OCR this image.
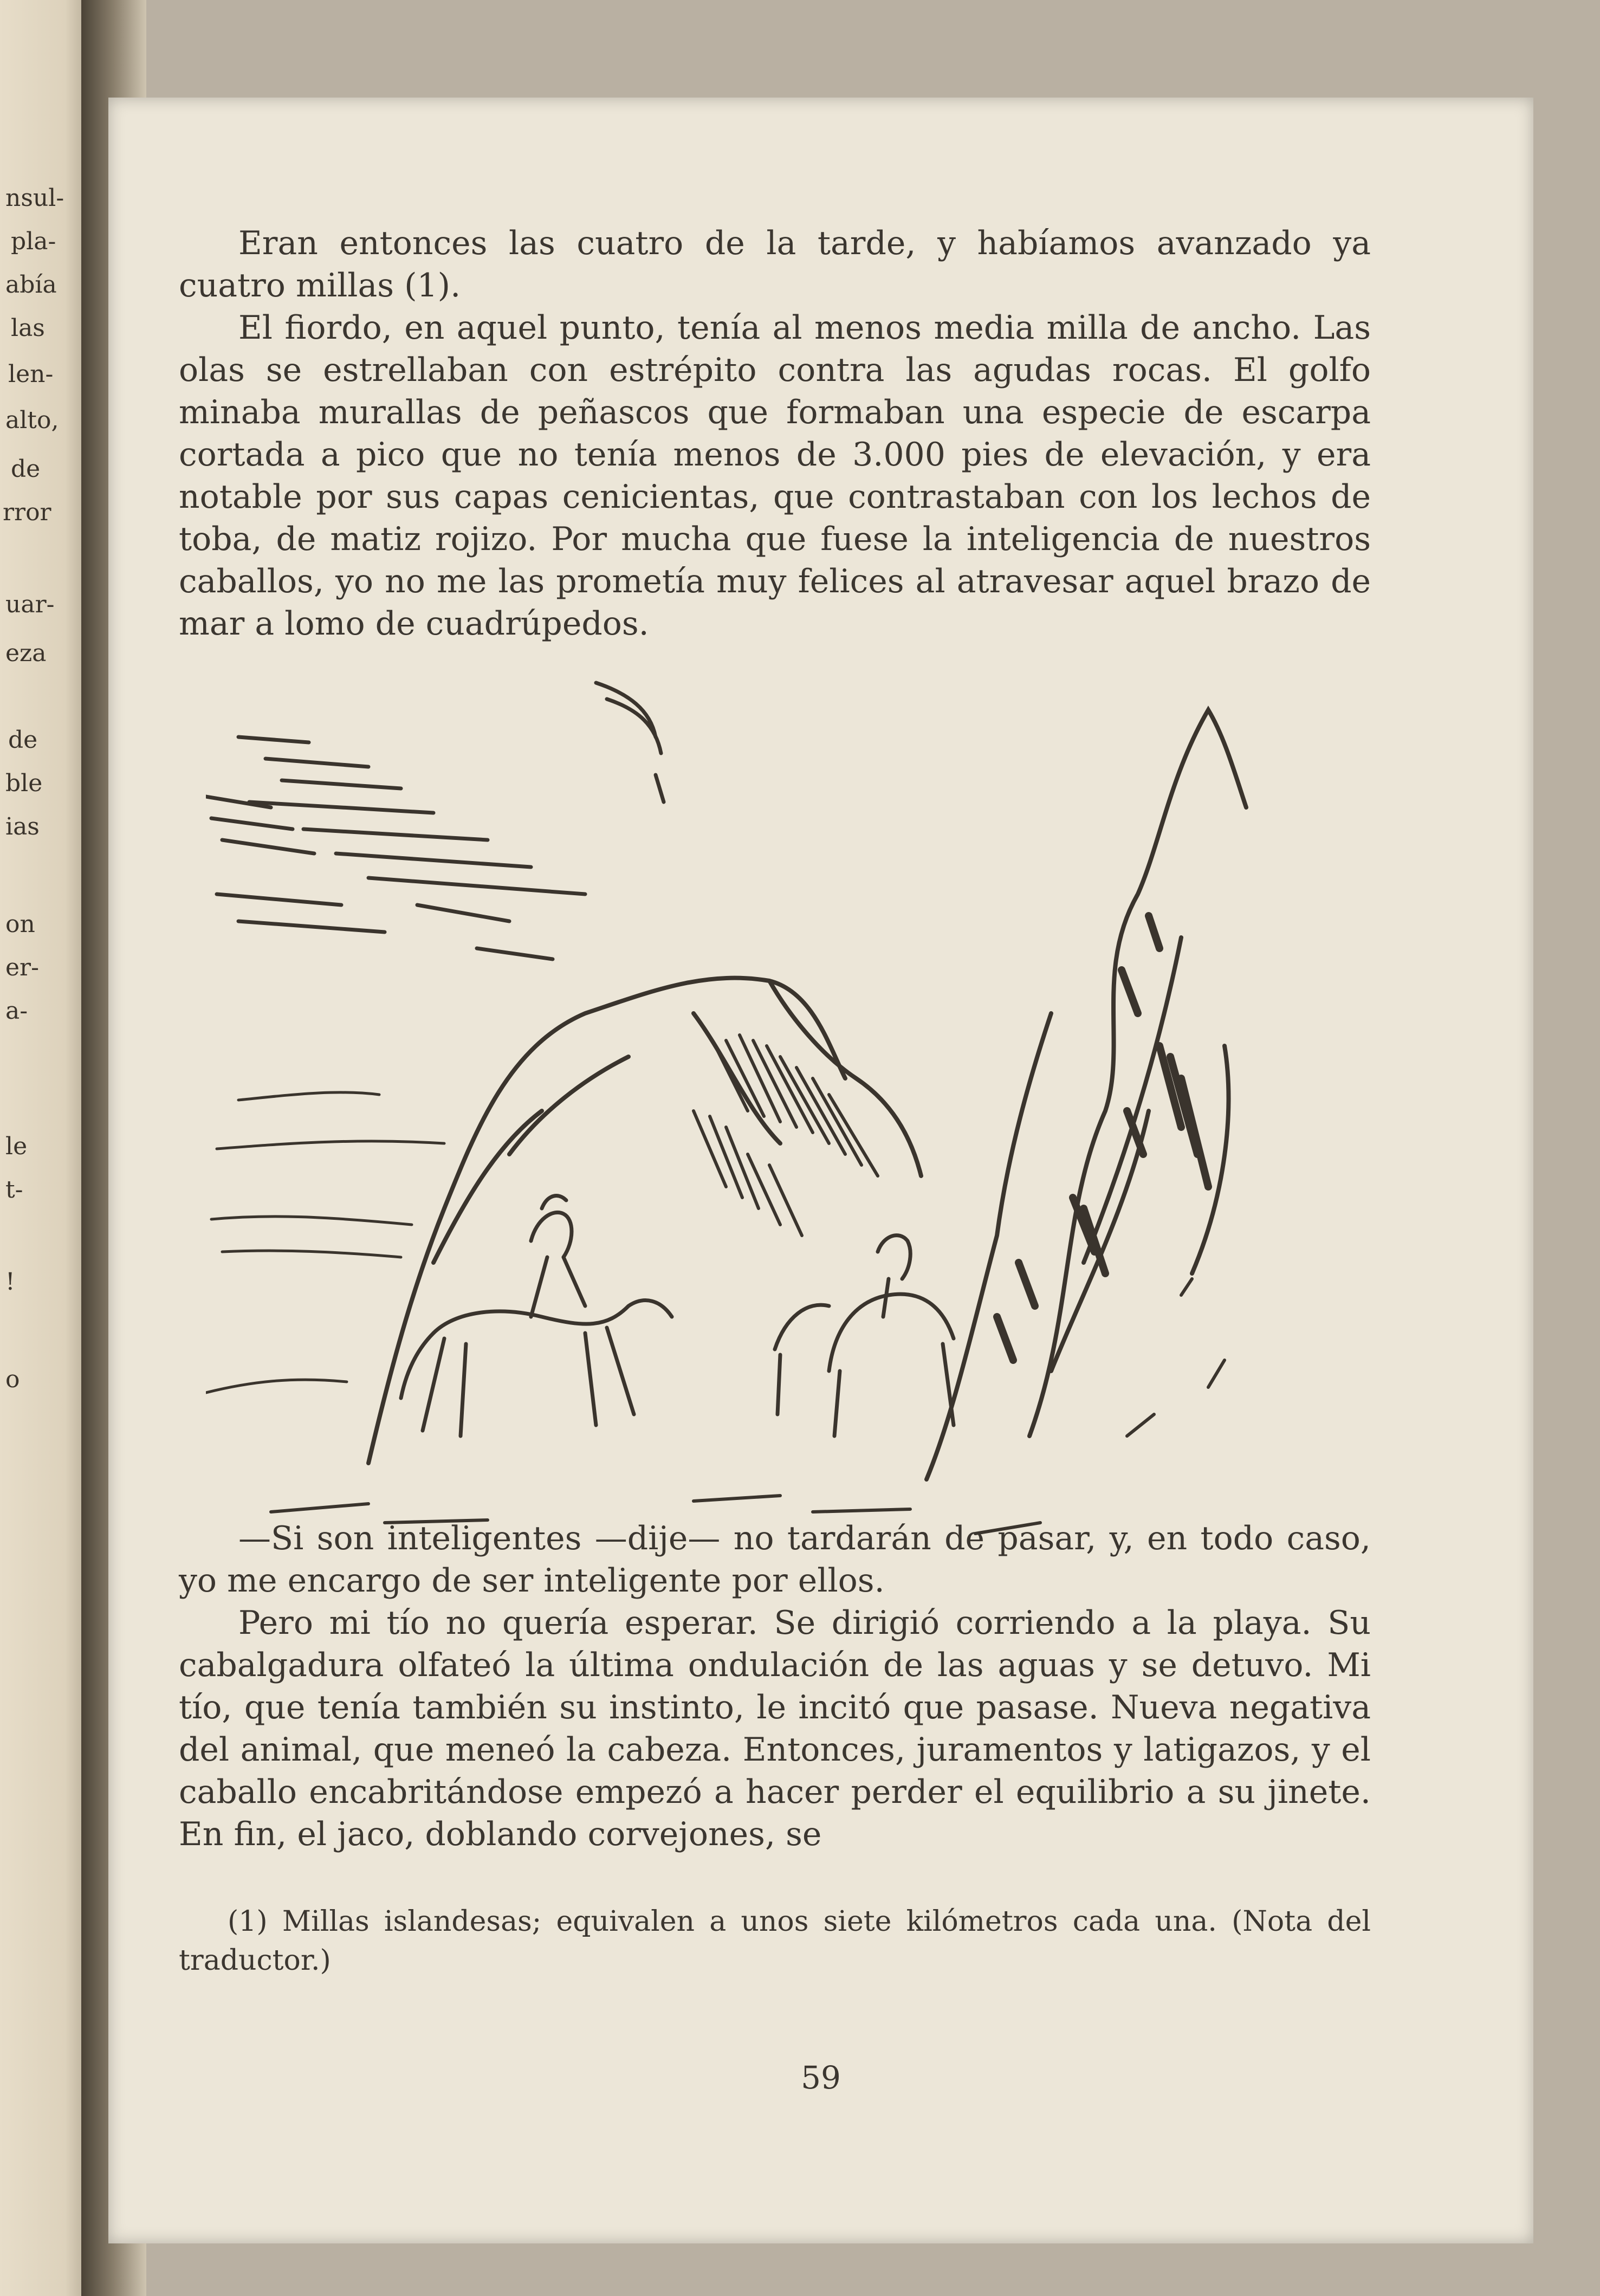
nsul-
pla-
abía
las
len-
alto,
de
rror
uar-
eza
de
ble
ias
on
er-
a-
le
t-
!
o

Eran entonces las cuatro de la tarde, y habíamos avanzado ya cuatro millas (1).

El fiordo, en aquel punto, tenía al menos media milla de ancho. Las olas se estrellaban con estrépito contra las agudas rocas. El golfo minaba murallas de peñascos que formaban una especie de escarpa cortada a pico que no tenía menos de 3.000 pies de elevación, y era notable por sus capas cenicientas, que contrastaban con los lechos de toba, de matiz rojizo. Por mucha que fuese la inteligencia de nuestros caballos, yo no me las prometía muy felices al atravesar aquel brazo de mar a lomo de cuadrúpedos.

—Si son inteligentes —dije— no tardarán de pasar, y, en todo caso, yo me encargo de ser inteligente por ellos.

Pero mi tío no quería esperar. Se dirigió corriendo a la playa. Su cabalgadura olfateó la última ondulación de las aguas y se detuvo. Mi tío, que tenía también su instinto, le incitó que pasase. Nueva negativa del animal, que meneó la cabeza. Entonces, juramentos y latigazos, y el caballo encabritándose empezó a hacer perder el equilibrio a su jinete. En fin, el jaco, doblando corvejones, se

(1) Millas islandesas; equivalen a unos siete kilómetros cada una. (Nota del traductor.)

59
